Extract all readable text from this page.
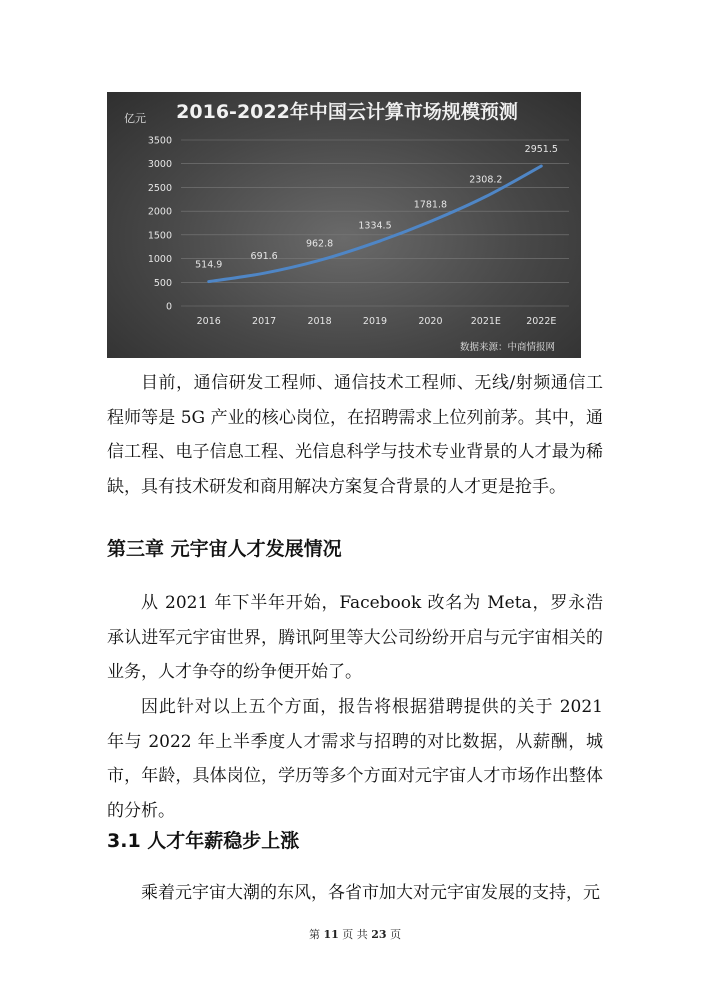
亿元 2016-2022年中国云计算市场规模预测
0
500
1000
1500
2000
2500
3000
3500
2016	2017	2018	2019	2020	2021E	2022E
514.9
691.6
962.8
1334.5
1781.8
2308.2
2951.5
数据来源：中商情报网

目前，通信研发工程师、通信技术工程师、无线/射频通信工程师等是 5G 产业的核心岗位，在招聘需求上位列前茅。其中，通信工程、电子信息工程、光信息科学与技术专业背景的人才最为稀缺，具有技术研发和商用解决方案复合背景的人才更是抢手。

第三章 元宇宙人才发展情况

从 2021 年下半年开始，Facebook 改名为 Meta，罗永浩承认进军元宇宙世界，腾讯阿里等大公司纷纷开启与元宇宙相关的业务，人才争夺的纷争便开始了。

因此针对以上五个方面，报告将根据猎聘提供的关于 2021 年与 2022 年上半季度人才需求与招聘的对比数据，从薪酬，城市，年龄，具体岗位，学历等多个方面对元宇宙人才市场作出整体的分析。

3.1 人才年薪稳步上涨

乘着元宇宙大潮的东风，各省市加大对元宇宙发展的支持，元

第 11 页 共 23 页
